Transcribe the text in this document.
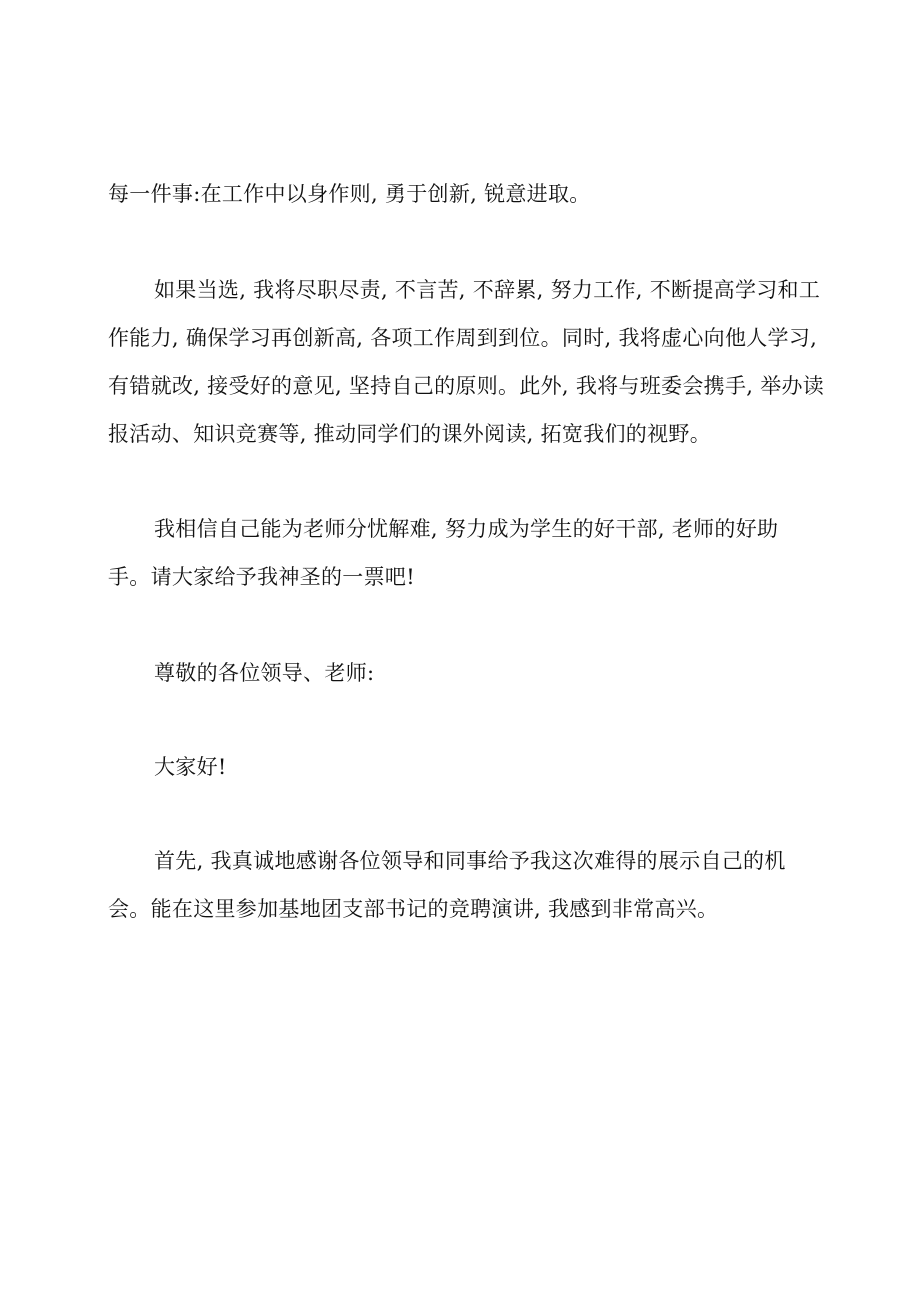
每一件事:在工作中以身作则, 勇于创新, 锐意进取。

如果当选, 我将尽职尽责, 不言苦, 不辞累, 努力工作, 不断提高学习和工
作能力, 确保学习再创新高, 各项工作周到到位。同时, 我将虚心向他人学习,
有错就改, 接受好的意见, 坚持自己的原则。此外, 我将与班委会携手, 举办读
报活动、知识竞赛等, 推动同学们的课外阅读, 拓宽我们的视野。

我相信自己能为老师分忧解难, 努力成为学生的好干部, 老师的好助
手。请大家给予我神圣的一票吧!

尊敬的各位领导、老师:

大家好!

首先, 我真诚地感谢各位领导和同事给予我这次难得的展示自己的机
会。能在这里参加基地团支部书记的竞聘演讲, 我感到非常高兴。
